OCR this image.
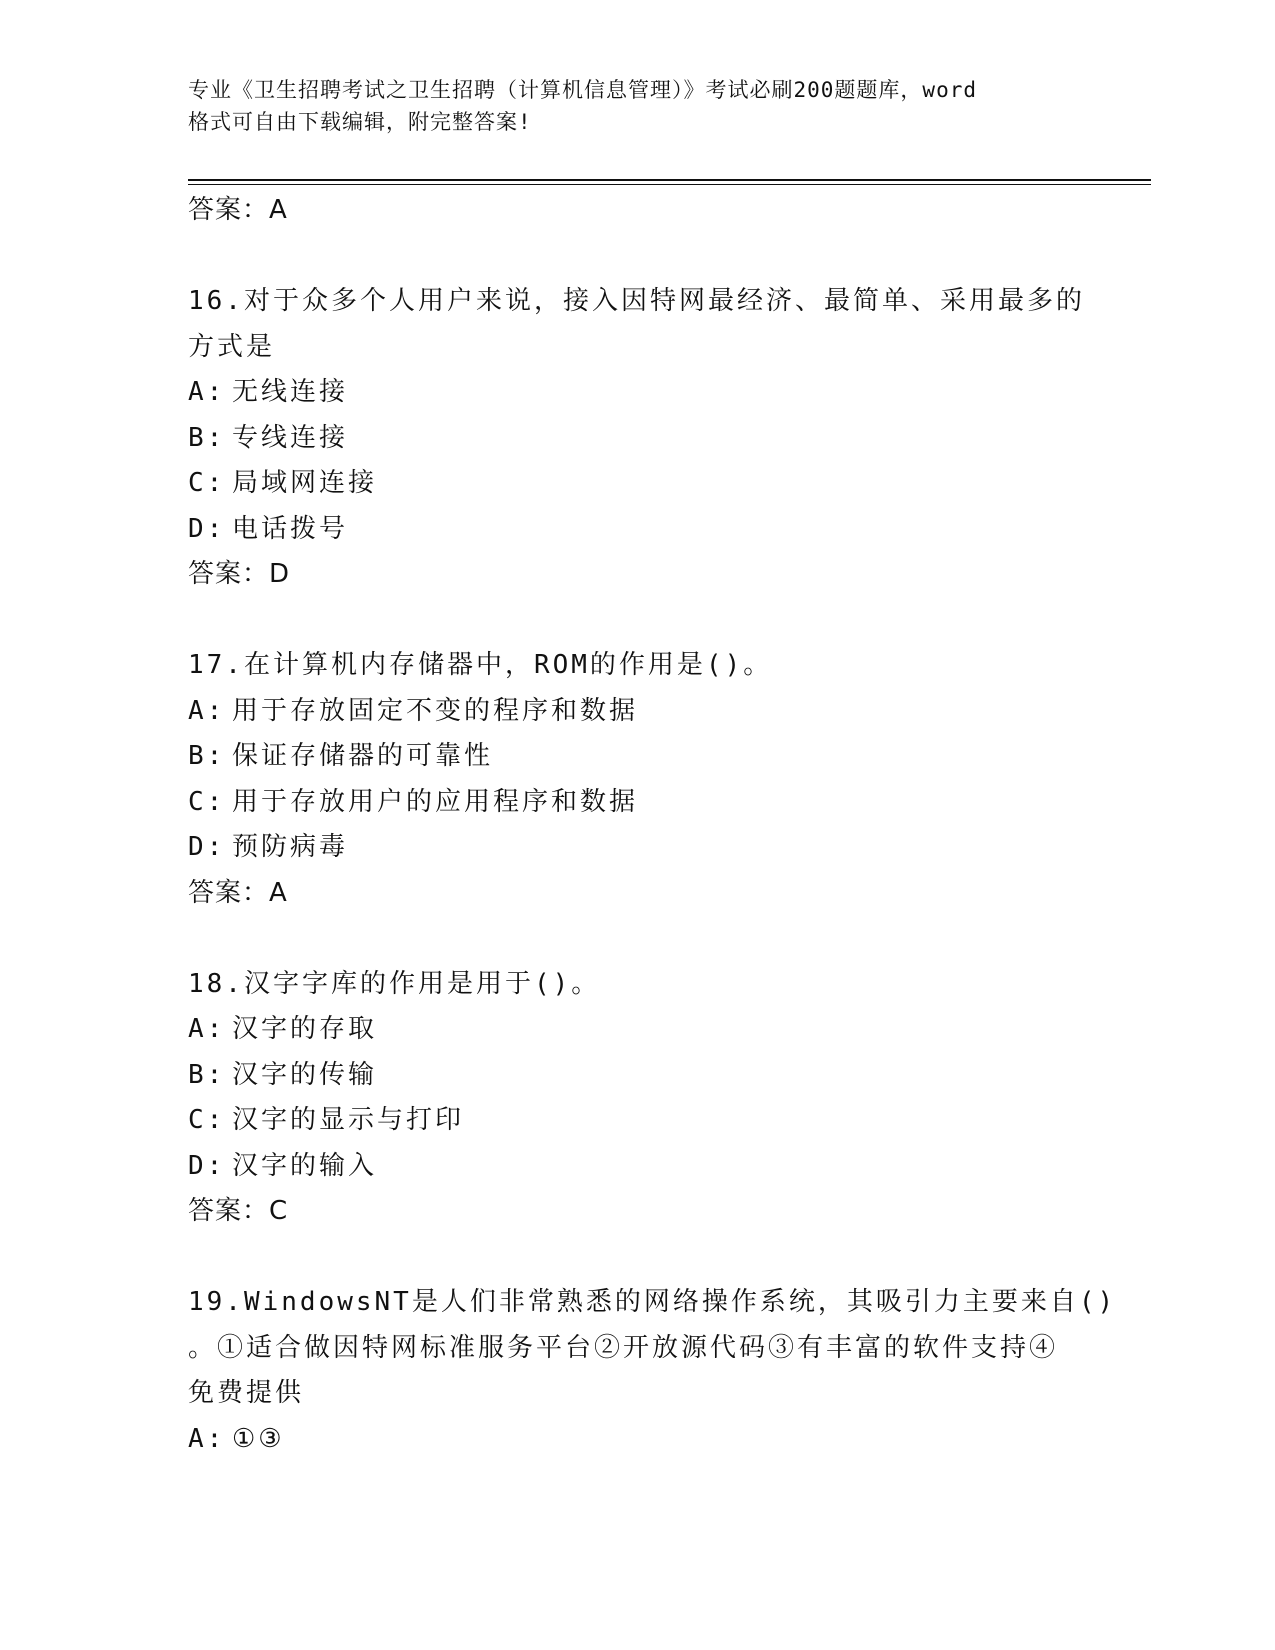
专业《卫生招聘考试之卫生招聘（计算机信息管理）》考试必刷200题题库，word
格式可自由下载编辑，附完整答案!
答案：A
16.对于众多个人用户来说，接入因特网最经济、最简单、采用最多的
方式是
A: 无线连接
B: 专线连接
C: 局域网连接
D: 电话拨号
答案：D
17.在计算机内存储器中，ROM的作用是()。
A: 用于存放固定不变的程序和数据
B: 保证存储器的可靠性
C: 用于存放用户的应用程序和数据
D: 预防病毒
答案：A
18.汉字字库的作用是用于()。
A: 汉字的存取
B: 汉字的传输
C: 汉字的显示与打印
D: 汉字的输入
答案：C
19.WindowsNT是人们非常熟悉的网络操作系统，其吸引力主要来自()
。①适合做因特网标准服务平台②开放源代码③有丰富的软件支持④
免费提供
A: ①③
